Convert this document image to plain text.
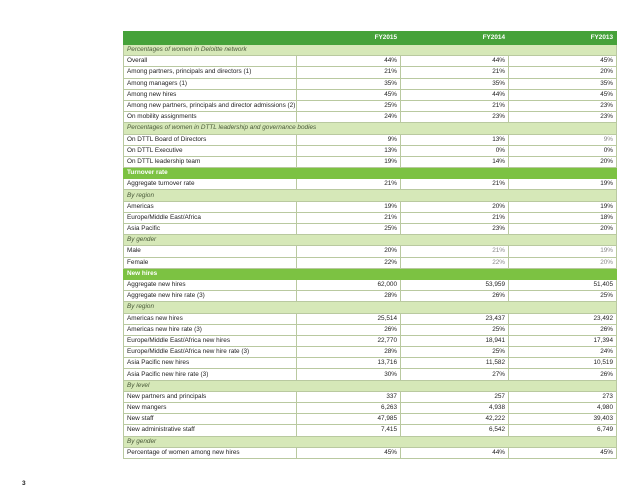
	FY2015	FY2014	FY2013
Percentages of women in Deloitte network			
Overall	44%	44%	45%
Among partners, principals and directors (1)	21%	21%	20%
Among managers (1)	35%	35%	35%
Among new hires	45%	44%	45%
Among new partners, principals and director admissions (2)	25%	21%	23%
On mobility assignments	24%	23%	23%
Percentages of women in DTTL leadership and governance bodies			
On DTTL Board of Directors	9%	13%	9%
On DTTL Executive	13%	0%	0%
On DTTL leadership team	19%	14%	20%
Turnover rate			
Aggregate turnover rate	21%	21%	19%
By region			
Americas	19%	20%	19%
Europe/Middle East/Africa	21%	21%	18%
Asia Pacific	25%	23%	20%
By gender			
Male	20%	21%	19%
Female	22%	22%	20%
New hires			
Aggregate new hires	62,000	53,959	51,405
Aggregate new hire rate (3)	28%	26%	25%
By region			
Americas new hires	25,514	23,437	23,492
Americas new hire rate (3)	26%	25%	26%
Europe/Middle East/Africa new hires	22,770	18,941	17,394
Europe/Middle East/Africa new hire rate (3)	28%	25%	24%
Asia Pacific new hires	13,716	11,582	10,519
Asia Pacific new hire rate (3)	30%	27%	26%
By level			
New partners and principals	337	257	273
New mangers	6,263	4,938	4,980
New staff	47,985	42,222	39,403
New administrative staff	7,415	6,542	6,749
By gender			
Percentage of women among new hires	45%	44%	45%
3
